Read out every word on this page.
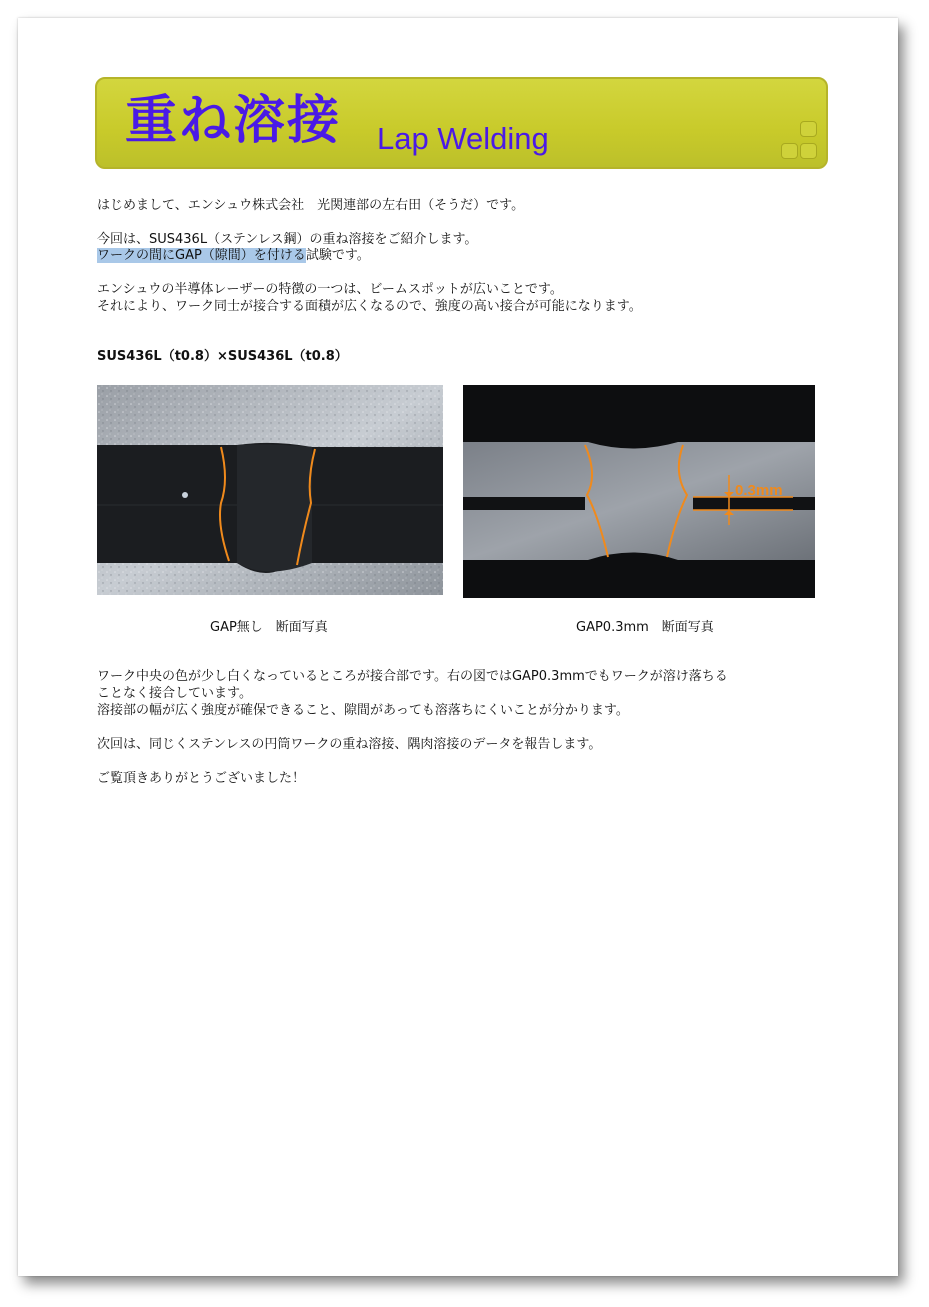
重ね溶接 Lap Welding

はじめまして、エンシュウ株式会社　光関連部の左右田（そうだ）です。

今回は、SUS436L（ステンレス鋼）の重ね溶接をご紹介します。

ワークの間にGAP（隙間）を付ける試験です。

エンシュウの半導体レーザーの特徴の一つは、ビームスポットが広いことです。

それにより、ワーク同士が接合する面積が広くなるので、強度の高い接合が可能になります。

SUS436L（t0.8）×SUS436L（t0.8）

0.3mm
GAP無し　断面写真	GAP0.3mm　断面写真

ワーク中央の色が少し白くなっているところが接合部です。右の図ではGAP0.3mmでもワークが溶け落ちる

ことなく接合しています。

溶接部の幅が広く強度が確保できること、隙間があっても溶落ちにくいことが分かります。

次回は、同じくステンレスの円筒ワークの重ね溶接、隅肉溶接のデータを報告します。

ご覧頂きありがとうございました！
